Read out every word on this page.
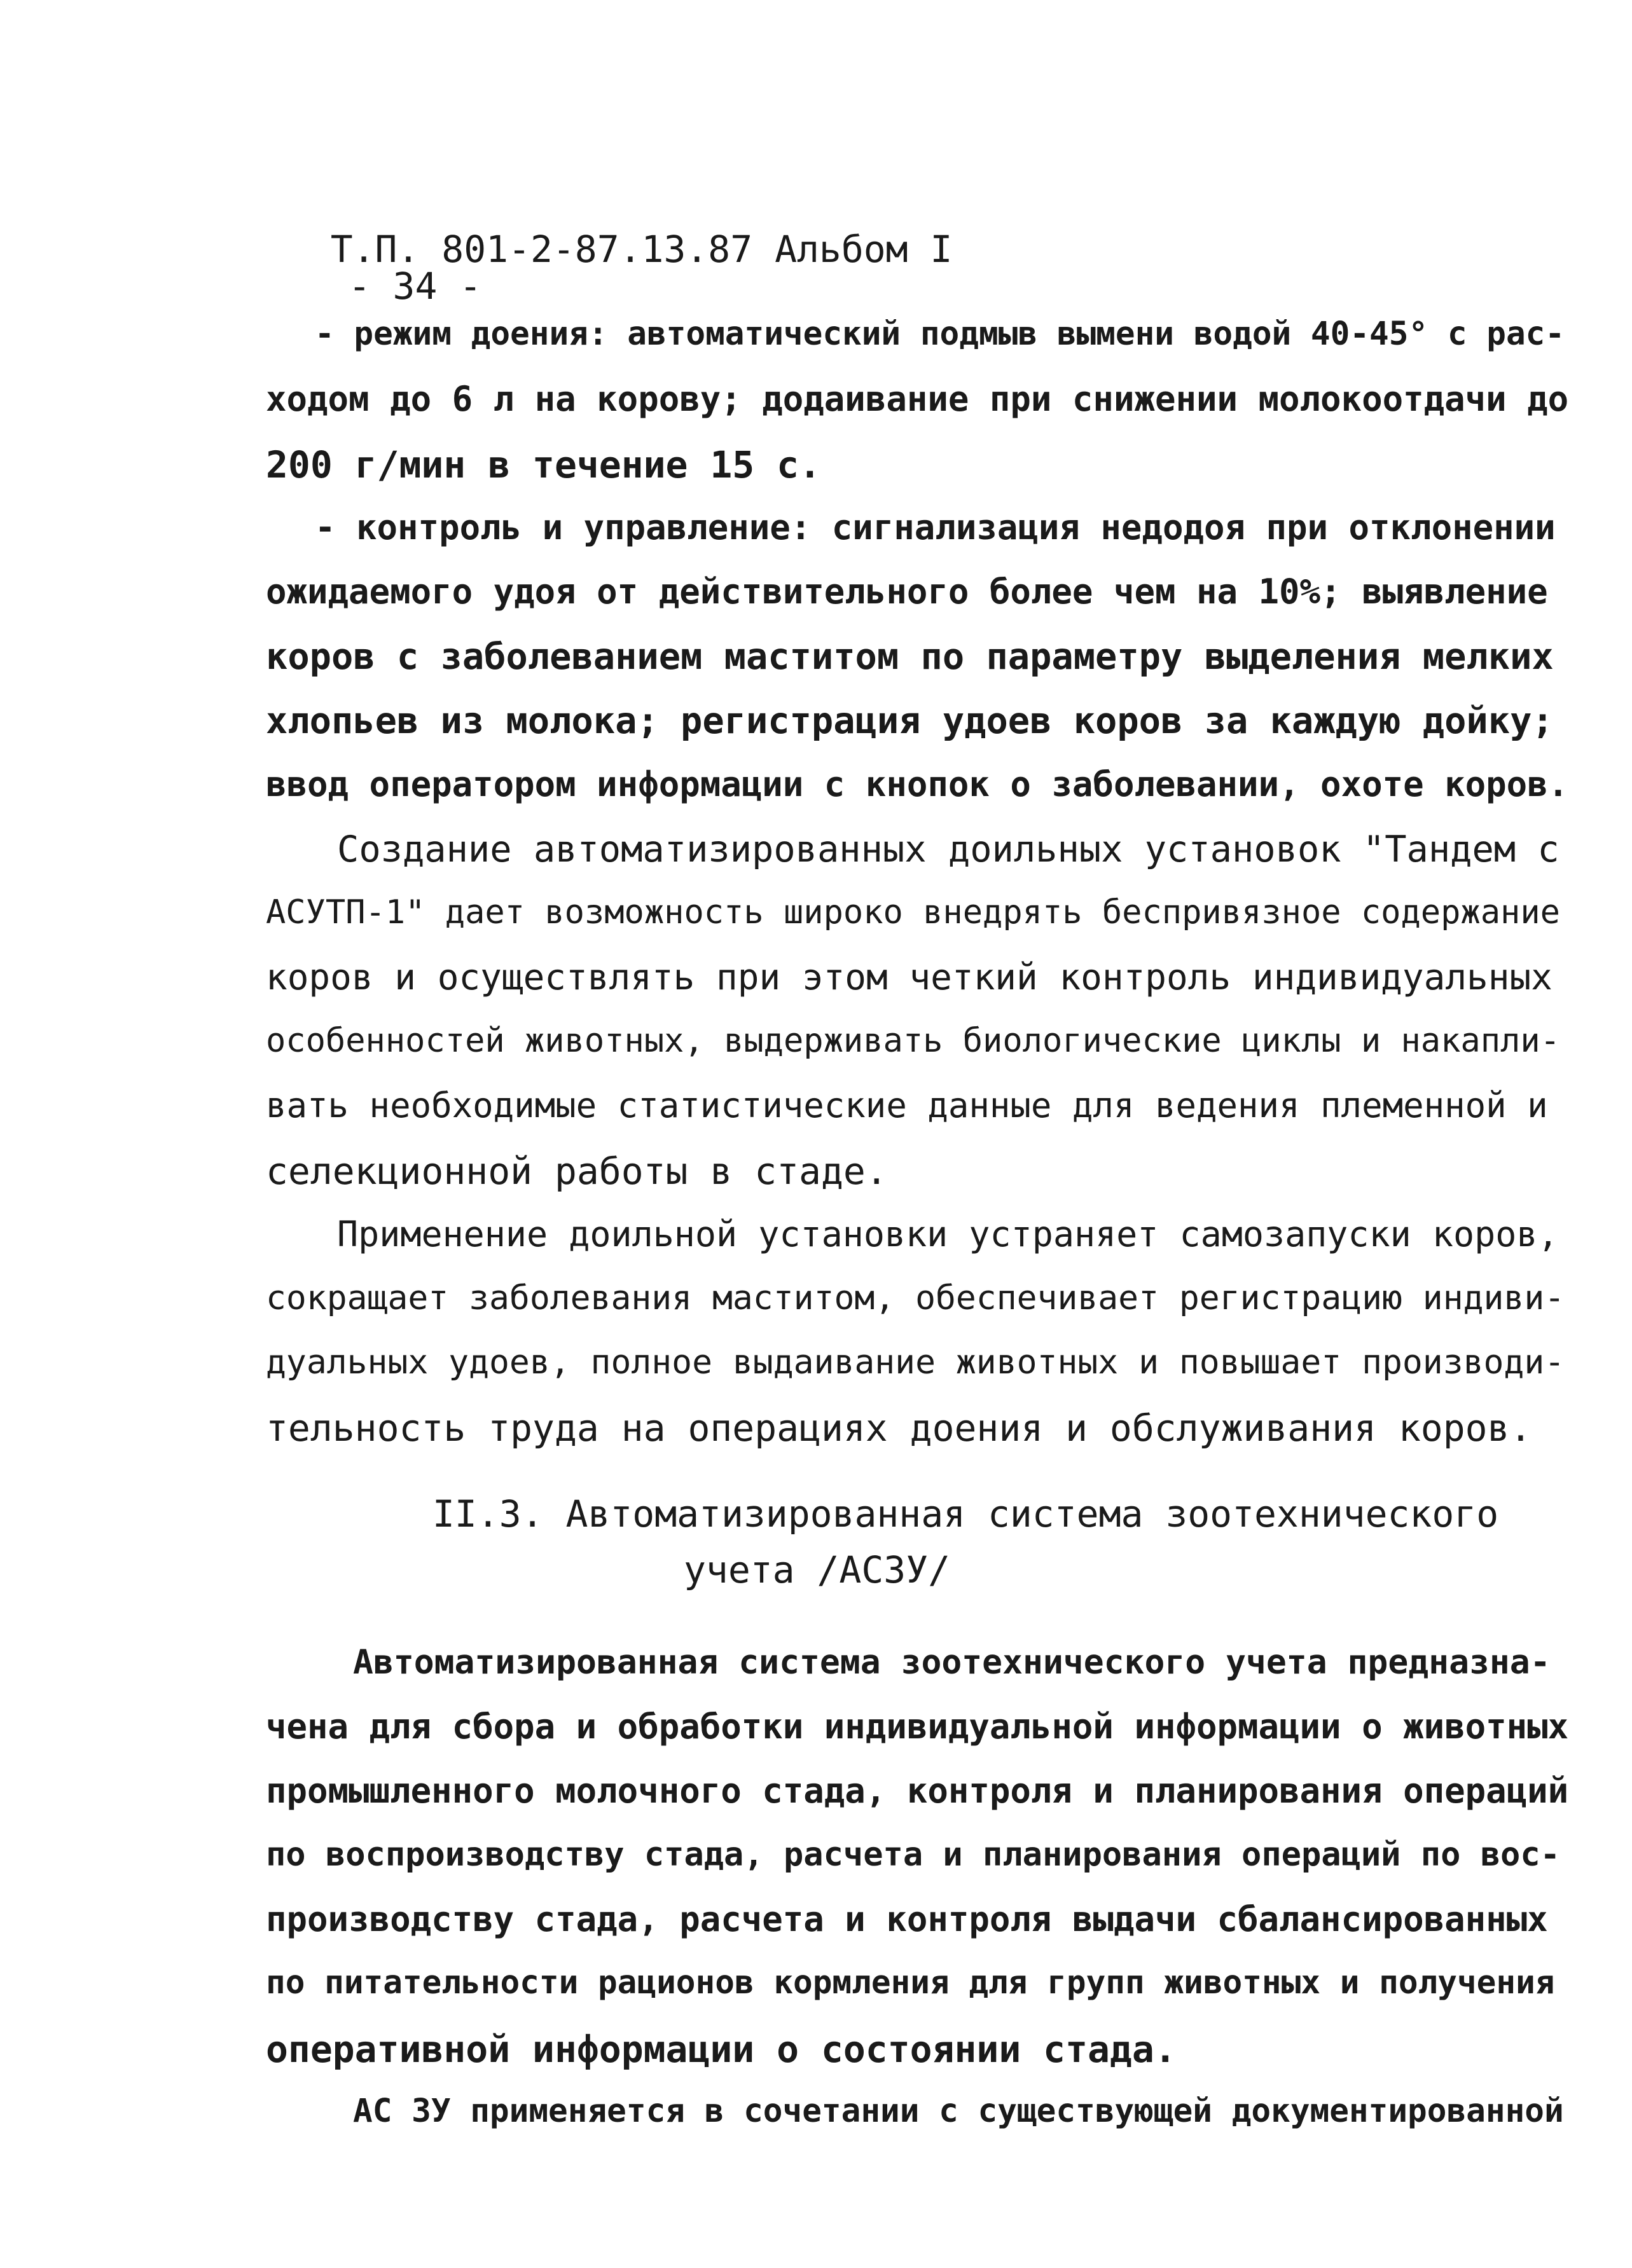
Т.П. 801-2-87.13.87 Альбом I
- 34 -

- режим доения: автоматический подмыв вымени водой 40-45° с рас-

ходом до 6 л на корову; додаивание при снижении молокоотдачи до

200 г/мин в течение 15 с.

- контроль и управление: сигнализация недодоя при отклонении

ожидаемого удоя от действительного более чем на 10%; выявление

коров с заболеванием маститом по параметру выделения мелких

хлопьев из молока; регистрация удоев коров за каждую дойку;

ввод оператором информации с кнопок о заболевании, охоте коров.

Создание автоматизированных доильных установок "Тандем с

АСУТП-1" дает возможность широко внедрять беспривязное содержание

коров и осуществлять при этом четкий контроль индивидуальных

особенностей животных, выдерживать биологические циклы и накапли-

вать необходимые статистические данные для ведения племенной и

селекционной работы в стаде.

Применение доильной установки устраняет самозапуски коров,

сокращает заболевания маститом, обеспечивает регистрацию индиви-

дуальных удоев, полное выдаивание животных и повышает производи-

тельность труда на операциях доения и обслуживания коров.

II.3. Автоматизированная система зоотехнического

учета /АСЗУ/

Автоматизированная система зоотехнического учета предназна-

чена для сбора и обработки индивидуальной информации о животных

промышленного молочного стада, контроля и планирования операций

по воспроизводству стада, расчета и планирования операций по вос-

производству стада, расчета и контроля выдачи сбалансированных

по питательности рационов кормления для групп животных и получения

оперативной информации о состоянии стада.

АС ЗУ применяется в сочетании с существующей документированной
